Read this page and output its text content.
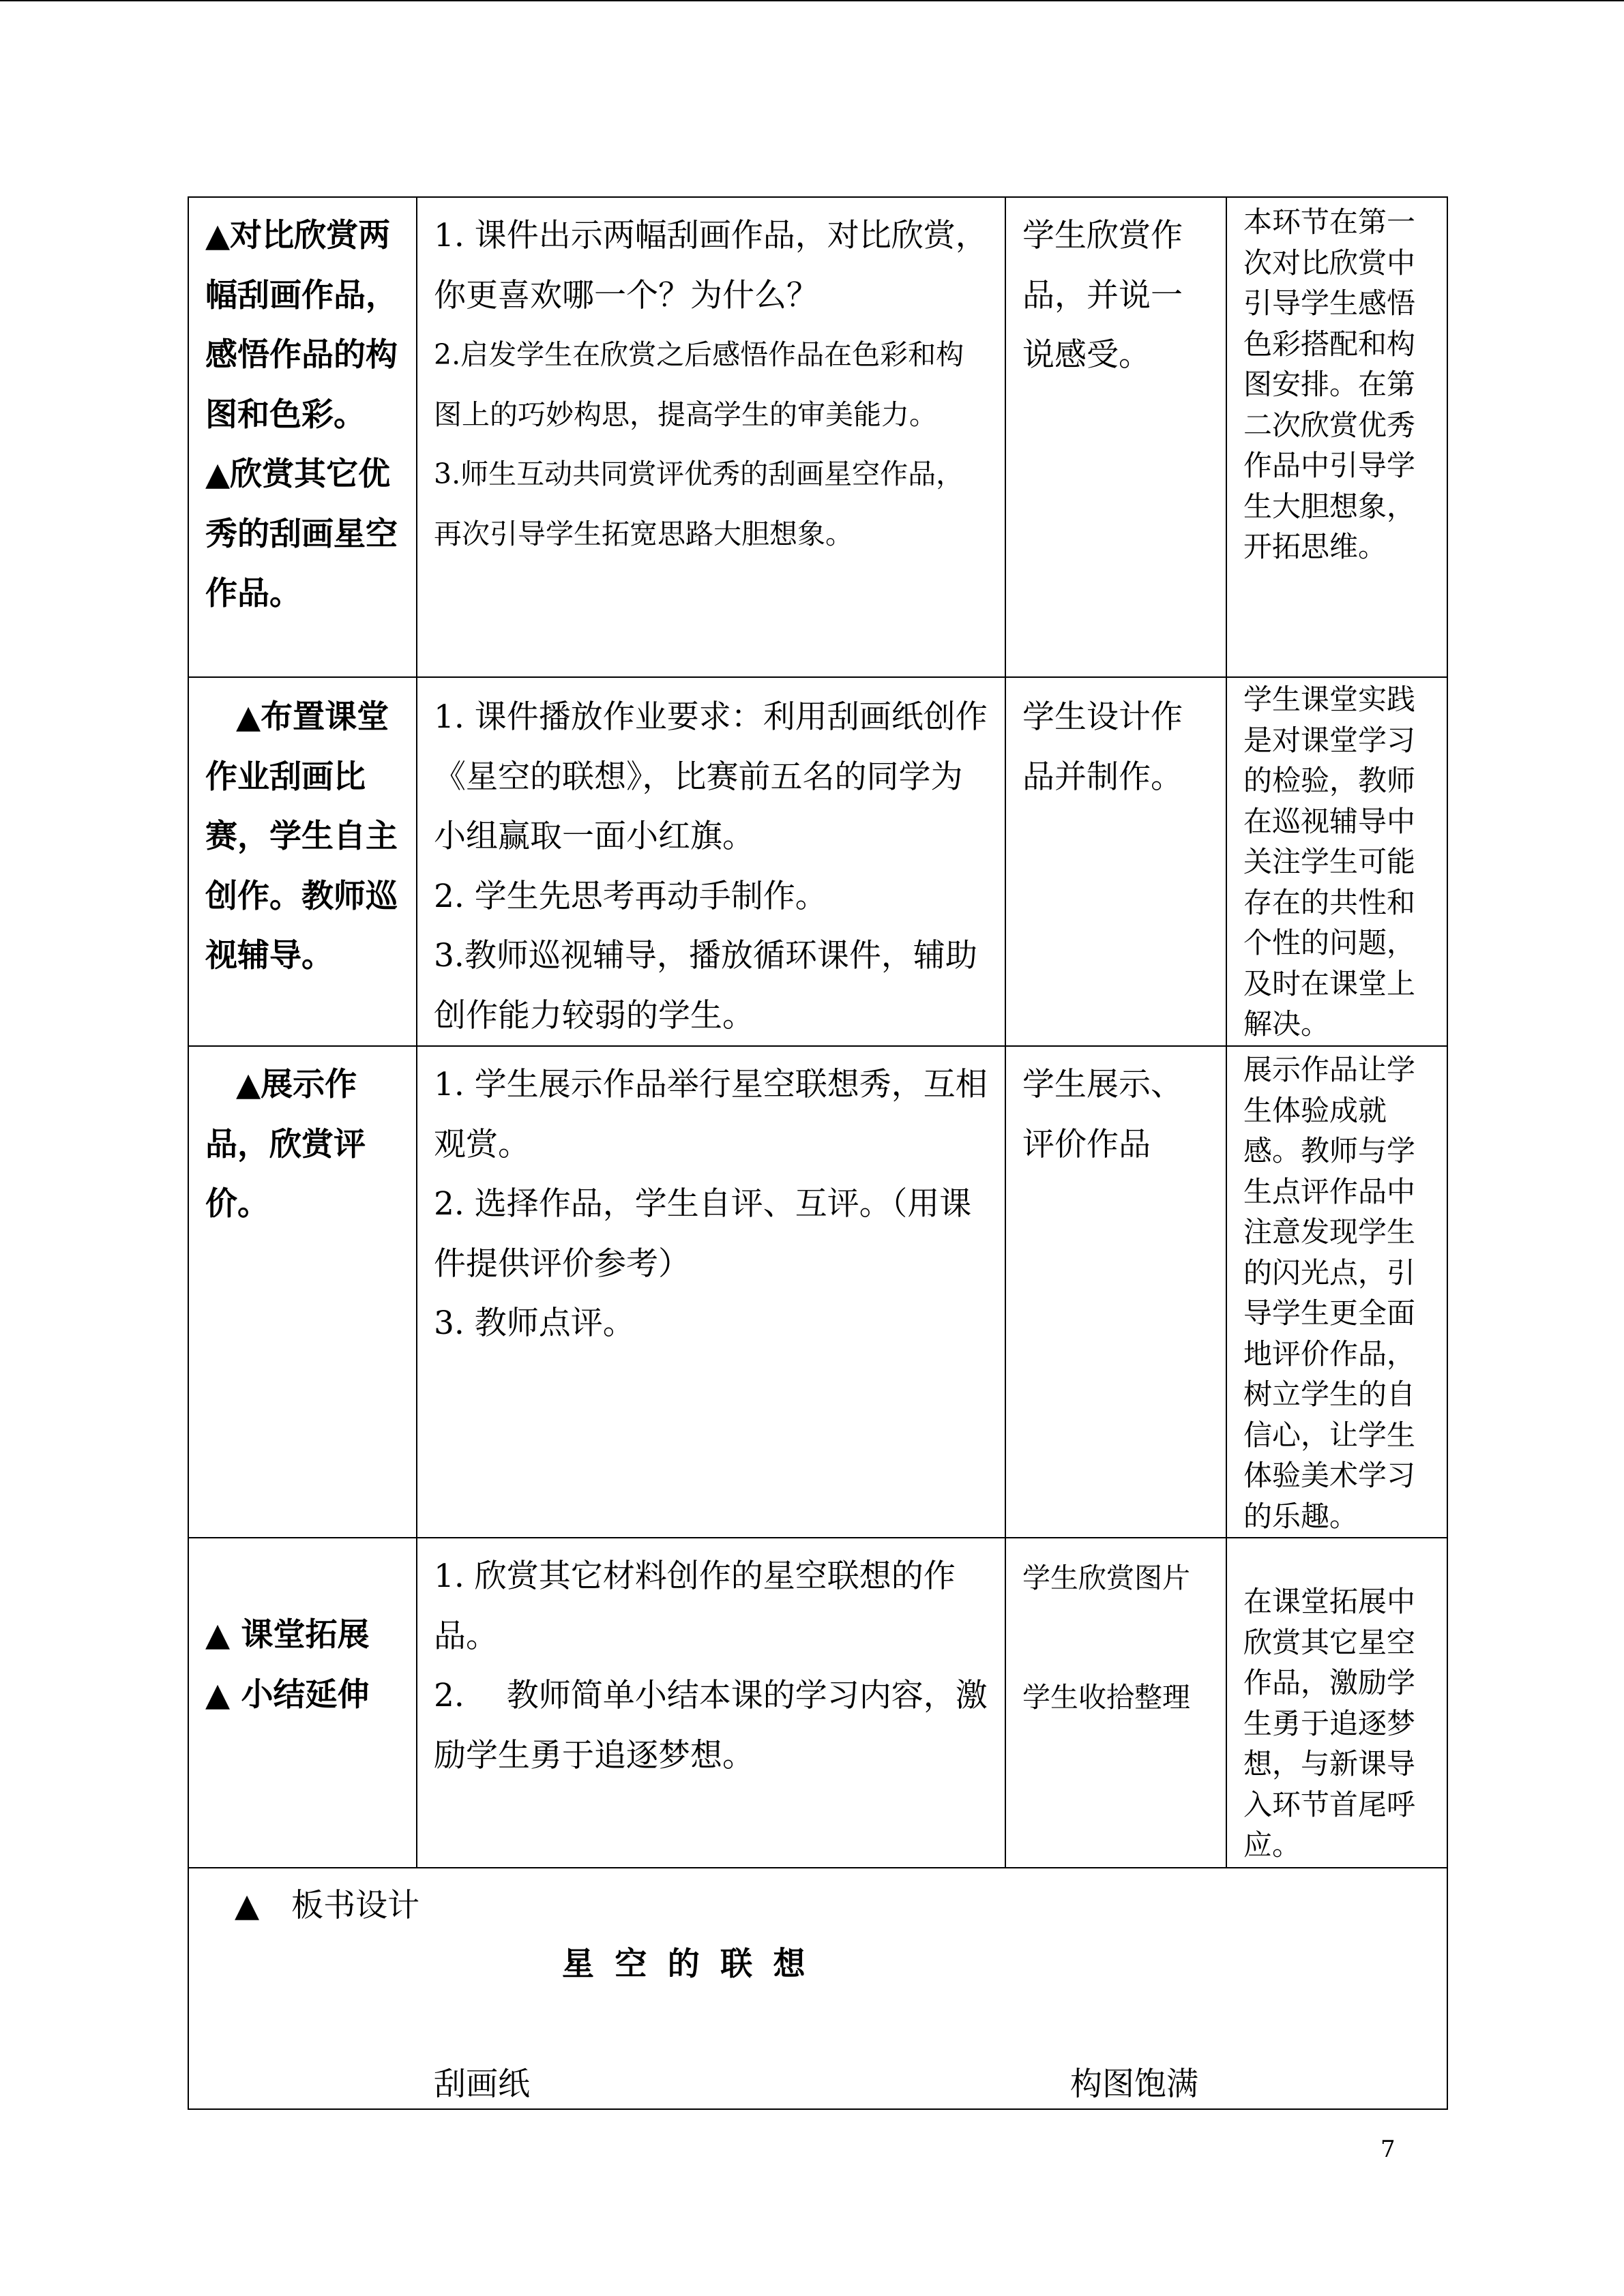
▲对比欣赏两
幅刮画作品，
感悟作品的构
图和色彩。
▲欣赏其它优
秀的刮画星空
作品。
1. 课件出示两幅刮画作品，对比欣赏，
你更喜欢哪一个？为什么？
2.启发学生在欣赏之后感悟作品在色彩和构
图上的巧妙构思，提高学生的审美能力。
3.师生互动共同赏评优秀的刮画星空作品，
再次引导学生拓宽思路大胆想象。
学生欣赏作
品，并说一
说感受。
本环节在第一
次对比欣赏中
引导学生感悟
色彩搭配和构
图安排。在第
二次欣赏优秀
作品中引导学
生大胆想象，
开拓思维。
▲布置课堂
作业刮画比
赛，学生自主
创作。教师巡
视辅导。
1. 课件播放作业要求：利用刮画纸创作
《星空的联想》，比赛前五名的同学为
小组赢取一面小红旗。
2. 学生先思考再动手制作。
3.教师巡视辅导，播放循环课件，辅助
创作能力较弱的学生。
学生设计作
品并制作。
学生课堂实践
是对课堂学习
的检验，教师
在巡视辅导中
关注学生可能
存在的共性和
个性的问题，
及时在课堂上
解决。
▲展示作
品，欣赏评
价。
1. 学生展示作品举行星空联想秀，互相
观赏。
2. 选择作品，学生自评、互评。（用课
件提供评价参考）
3. 教师点评。
学生展示、
评价作品
展示作品让学
生体验成就
感。教师与学
生点评作品中
注意发现学生
的闪光点，引
导学生更全面
地评价作品，
树立学生的自
信心，让学生
体验美术学习
的乐趣。
▲ 课堂拓展
▲ 小结延伸
1. 欣赏其它材料创作的星空联想的作
品。
2.　 教师简单小结本课的学习内容，激
励学生勇于追逐梦想。
学生欣赏图片
学生收拾整理
在课堂拓展中
欣赏其它星空
作品，激励学
生勇于追逐梦
想，与新课导
入环节首尾呼
应。
▲　板书设计
星 空 的 联 想
刮画纸	构图饱满
7
